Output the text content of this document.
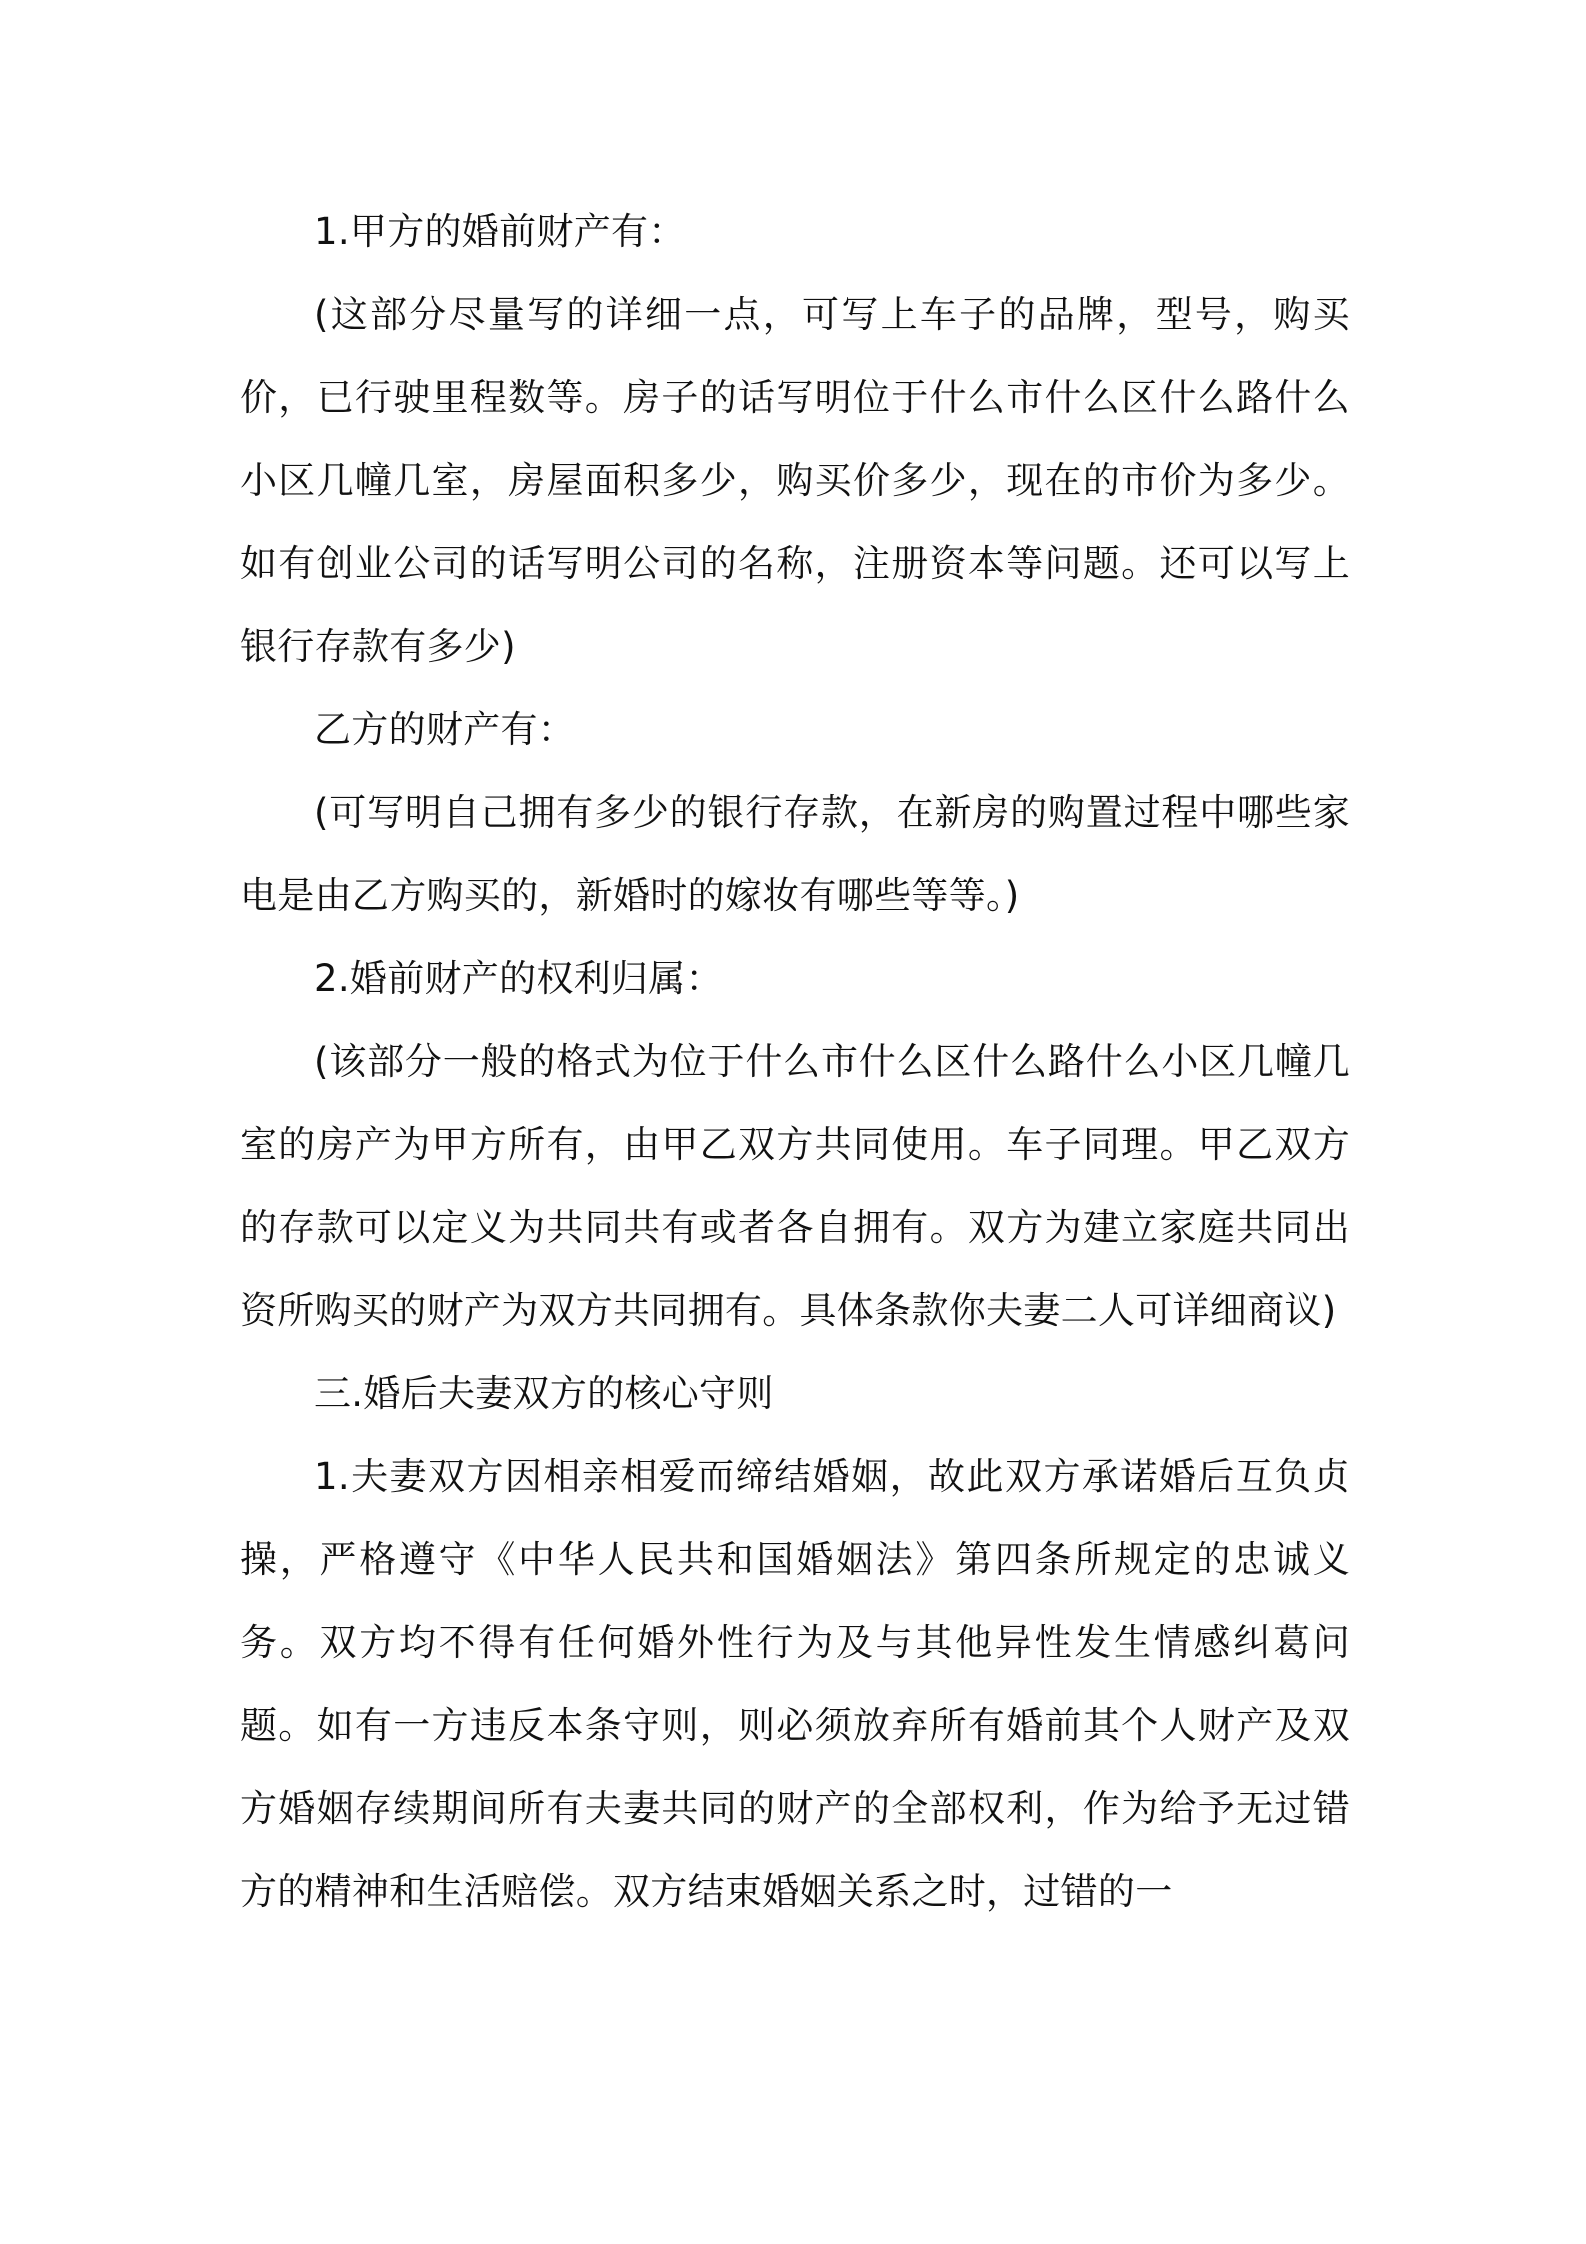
1.甲方的婚前财产有：

(这部分尽量写的详细一点，可写上车子的品牌，型号，购买价，已行驶里程数等。房子的话写明位于什么市什么区什么路什么小区几幢几室，房屋面积多少，购买价多少，现在的市价为多少。如有创业公司的话写明公司的名称，注册资本等问题。还可以写上银行存款有多少)

乙方的财产有：

(可写明自己拥有多少的银行存款，在新房的购置过程中哪些家电是由乙方购买的，新婚时的嫁妆有哪些等等。)

2.婚前财产的权利归属：

(该部分一般的格式为位于什么市什么区什么路什么小区几幢几室的房产为甲方所有，由甲乙双方共同使用。车子同理。甲乙双方的存款可以定义为共同共有或者各自拥有。双方为建立家庭共同出资所购买的财产为双方共同拥有。具体条款你夫妻二人可详细商议)

三.婚后夫妻双方的核心守则

1.夫妻双方因相亲相爱而缔结婚姻，故此双方承诺婚后互负贞操，严格遵守《中华人民共和国婚姻法》第四条所规定的忠诚义务。双方均不得有任何婚外性行为及与其他异性发生情感纠葛问题。如有一方违反本条守则，则必须放弃所有婚前其个人财产及双方婚姻存续期间所有夫妻共同的财产的全部权利，作为给予无过错方的精神和生活赔偿。双方结束婚姻关系之时，过错的一
